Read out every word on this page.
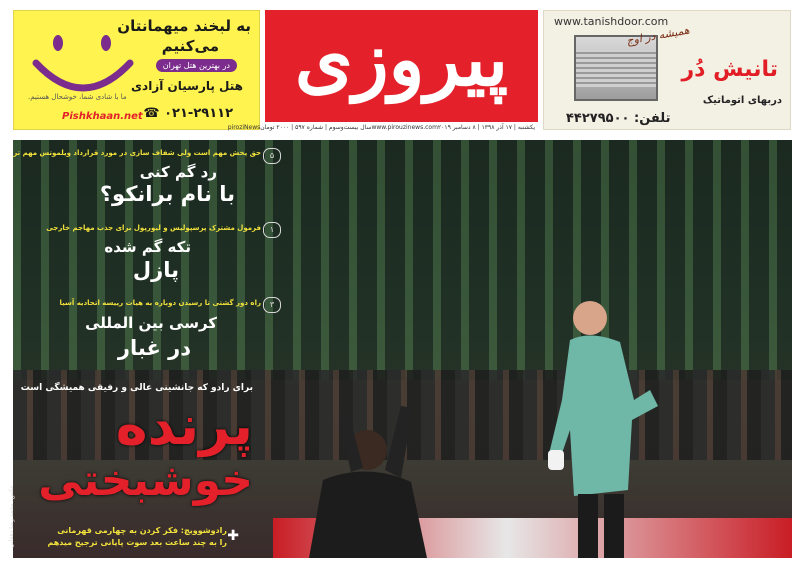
به لبخند میهمانتان
می‌کنیم
در بهترین هتل تهران
هتل پارسیان آزادی
ما با شادی شما، خوشحال هستیم.
۰۲۱-۲۹۱۱۲ ☎
Pishkhaan.net
پیروزی
یکشنبه | ۱۷ آذر ۱۳۹۸ | ۸ دسامبر ۲۰۱۹
www.pirouzinews.com
سال بیست‌وسوم | شماره ۵۹۷ | ۲۰۰۰ تومان
piroziNews
www.tanishdoor.com
همیشه در اوج
تانیش دُر
دربهای اتوماتیک
تلفن: ۴۴۲۷۹۵۰۰
حق پخش مهم است ولی شفاف سازی در مورد قرارداد ویلموتس مهم تر	۵
رد گم کنی
با نام برانکو؟
فرمول مشترک پرسپولیس و لیورپول برای جذب مهاجم خارجی	۱
تکه گم شده
پازل
راه دور گشتی تا رسیدن دوباره به هیات رییسه اتحادیه آسیا	۳
کرسی بین المللی
در غبار
برای رادو که جانشینی عالی و رفیقی همیشگی است
پرنده
خوشبختی
✚
رادوشوویچ: فکر کردن به چهارمی قهرمانی
را به چند ساعت بعد سوت پایانی ترجیح میدهم
عکس: محمد رضا دهقانی
